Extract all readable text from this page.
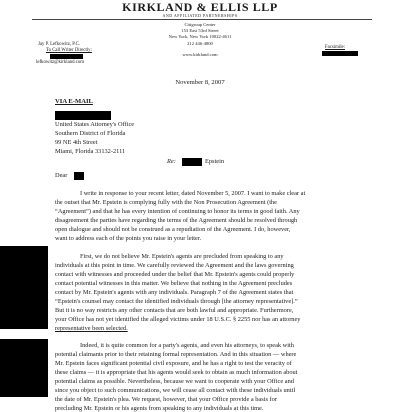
KIRKLAND & ELLIS LLP
AND AFFILIATED PARTNERSHIPS
Citigroup Center
153 East 53rd Street
New York, New York 10022-4611
212 446-4800
www.kirkland.com
Jay P. Lefkowitz, P.C.
To Call Writer Directly:
lefkowitz@kirkland.com
Facsimile:
November 8, 2007
VIA E-MAIL
United States Attorney's Office
Southern District of Florida
99 NE 4th Street
Miami, Florida 33132-2111
Re:	Epstein
Dear
I write in response to your recent letter, dated November 5, 2007. I want to make clear at
the outset that Mr. Epstein is complying fully with the Non Prosecution Agreement (the
“Agreement”) and that he has every intention of continuing to honor its terms in good faith. Any
disagreement the parties have regarding the terms of the Agreement should be resolved through
open dialogue and should not be construed as a repudiation of the Agreement. I do, however,
want to address each of the points you raise in your letter.
First, we do not believe Mr. Epstein's agents are precluded from speaking to any
individuals at this point in time. We carefully reviewed the Agreement and the laws governing
contact with witnesses and proceeded under the belief that Mr. Epstein's agents could properly
contact potential witnesses in this matter. We believe that nothing in the Agreement precludes
contact by Mr. Epstein's agents with any individuals. Paragraph 7 of the Agreement states that
“Epstein's counsel may contact the identified individuals through [the attorney representative].”
But it is no way restricts any other contacts that are both lawful and appropriate. Furthermore,
your Office has not yet identified the alleged victims under 18 U.S.C. § 2255 nor has an attorney
representative been selected.
Indeed, it is quite common for a party's agents, and even his attorneys, to speak with
potential claimants prior to their retaining formal representation. And in this situation — where
Mr. Epstein faces significant potential civil exposure, and he has a right to test the veracity of
these claims — it is appropriate that his agents would seek to obtain as much information about
potential claims as possible. Nevertheless, because we want to cooperate with your Office and
since you object to such communications, we will cease all contact with these individuals until
the date of Mr. Epstein's plea. We request, however, that your Office provide a basis for
precluding Mr. Epstein or his agents from speaking to any individuals at this time.
